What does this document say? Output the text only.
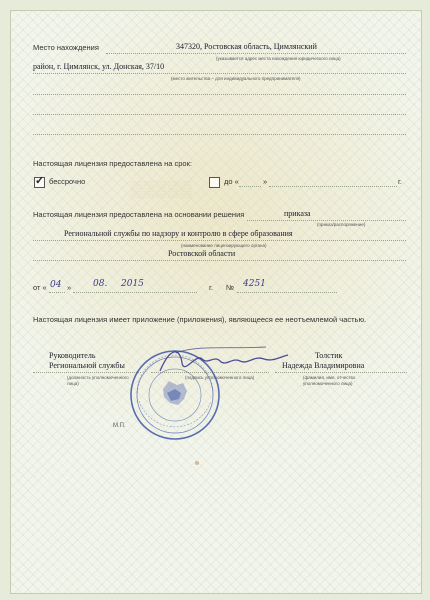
▒▒▒▒▒
Место нахождения	347320, Ростовская область, Цимлянский
(указывается адрес места нахождения юридического лица)
район, г. Цимлянск, ул. Донская, 37/10
(место жительства – для индивидуального предпринимателя)
Настоящая лицензия предоставлена на срок:
✓ бессрочно	до «	»	г.
Настоящая лицензия предоставлена на основании решения	приказа
(приказ/распоряжение)
Региональной службы по надзору и контролю в сфере образования
(наименование лицензирующего органа)
Ростовской области
от « 04 » 08. 2015	г. № 4251
Настоящая лицензия имеет приложение (приложения), являющееся ее неотъемлемой частью.
Руководитель
Региональной службы
(должность уполномоченного лица)
(подпись уполномоченного лица)
Толстик
Надежда Владимировна
(фамилия, имя, отчество уполномоченного лица)
М.П.
